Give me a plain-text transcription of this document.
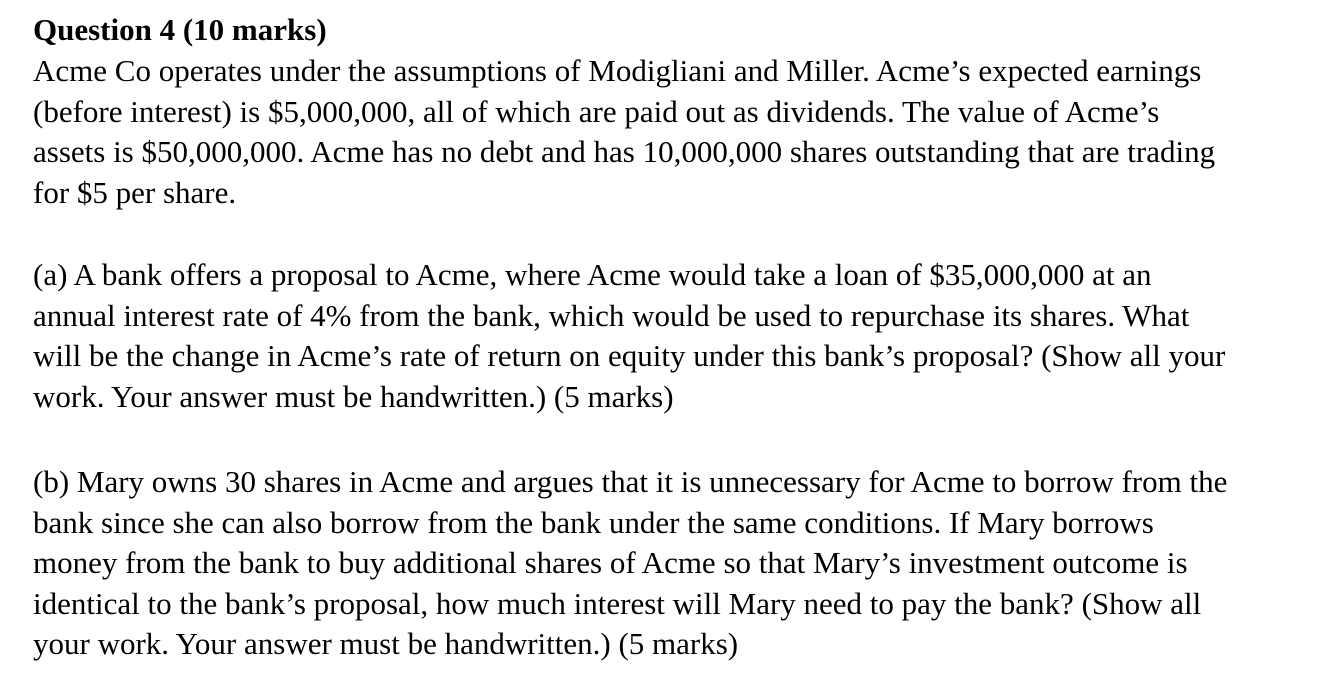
Question 4 (10 marks)

Acme Co operates under the assumptions of Modigliani and Miller. Acme’s expected earnings
(before interest) is $5,000,000, all of which are paid out as dividends. The value of Acme’s
assets is $50,000,000. Acme has no debt and has 10,000,000 shares outstanding that are trading
for $5 per share.

(a) A bank offers a proposal to Acme, where Acme would take a loan of $35,000,000 at an
annual interest rate of 4% from the bank, which would be used to repurchase its shares. What
will be the change in Acme’s rate of return on equity under this bank’s proposal? (Show all your
work. Your answer must be handwritten.) (5 marks)

(b) Mary owns 30 shares in Acme and argues that it is unnecessary for Acme to borrow from the
bank since she can also borrow from the bank under the same conditions. If Mary borrows
money from the bank to buy additional shares of Acme so that Mary’s investment outcome is
identical to the bank’s proposal, how much interest will Mary need to pay the bank? (Show all
your work. Your answer must be handwritten.) (5 marks)
